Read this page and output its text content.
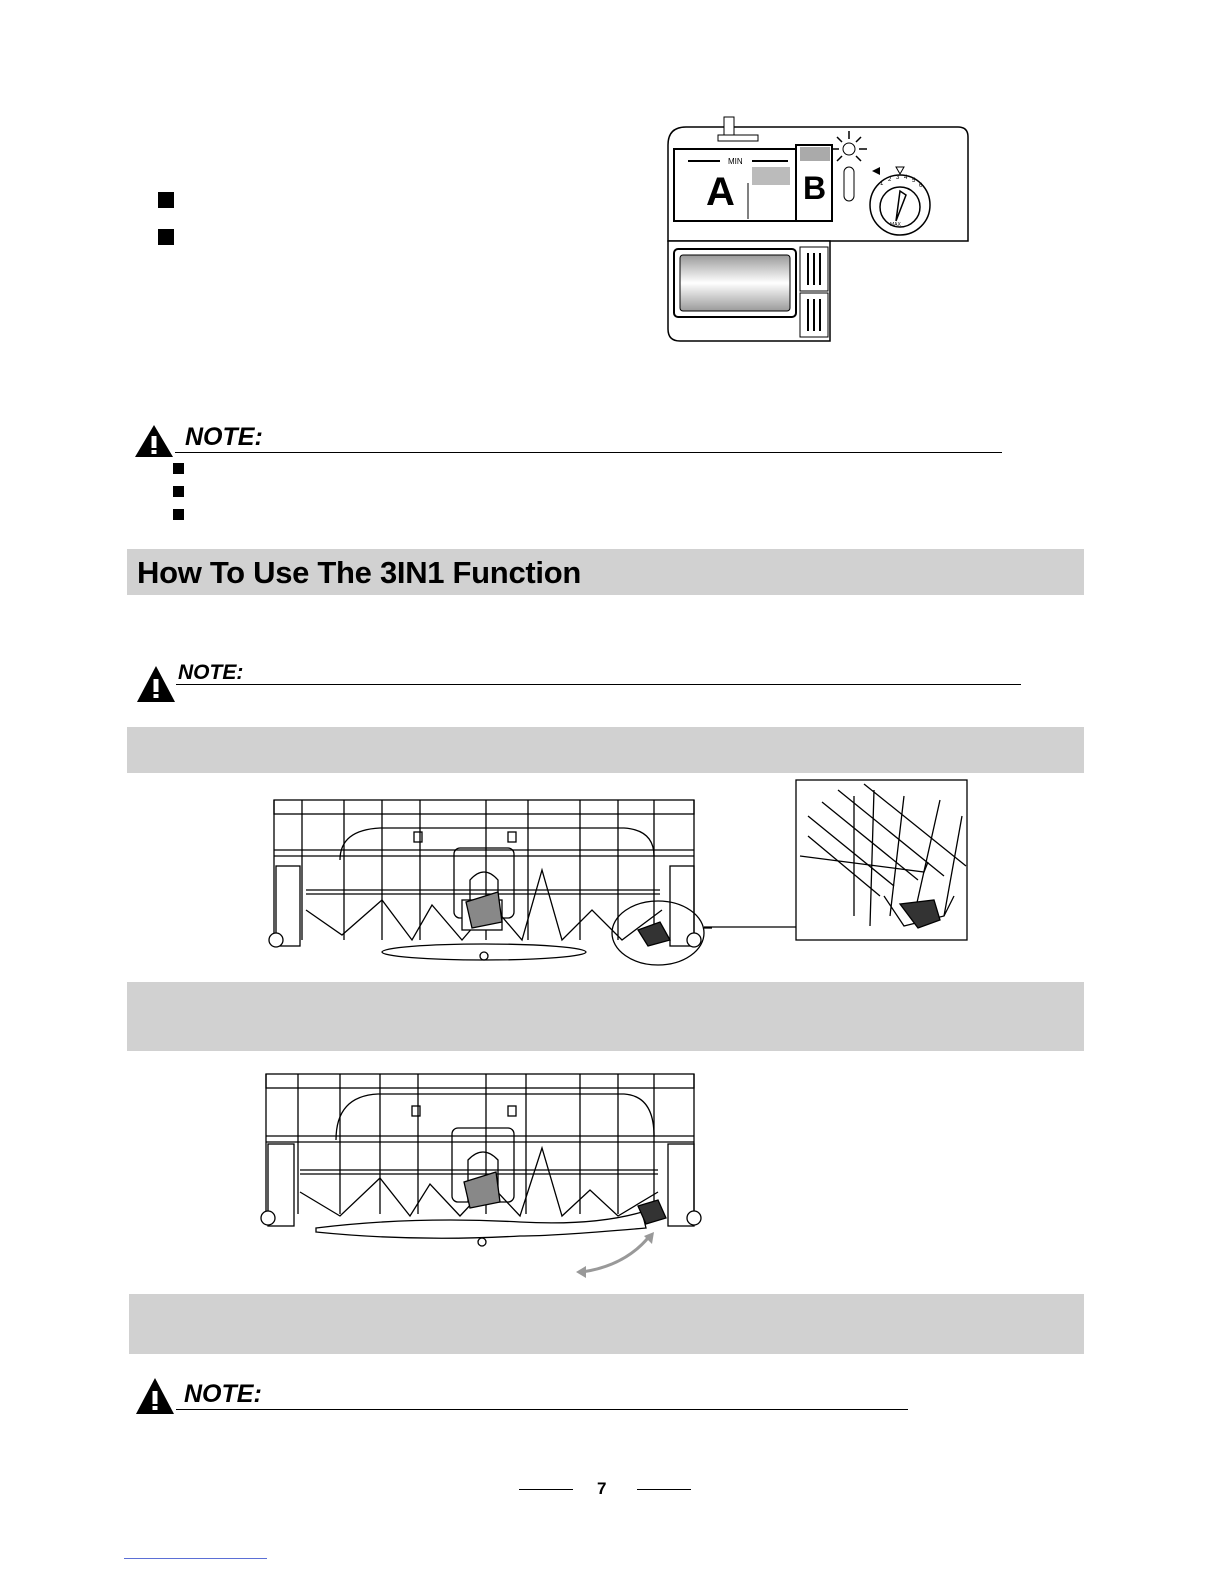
MIN
A B
MAX
1
2 3 4 5
6
NOTE:
How To Use The 3IN1 Function
NOTE:
NOTE:
7
